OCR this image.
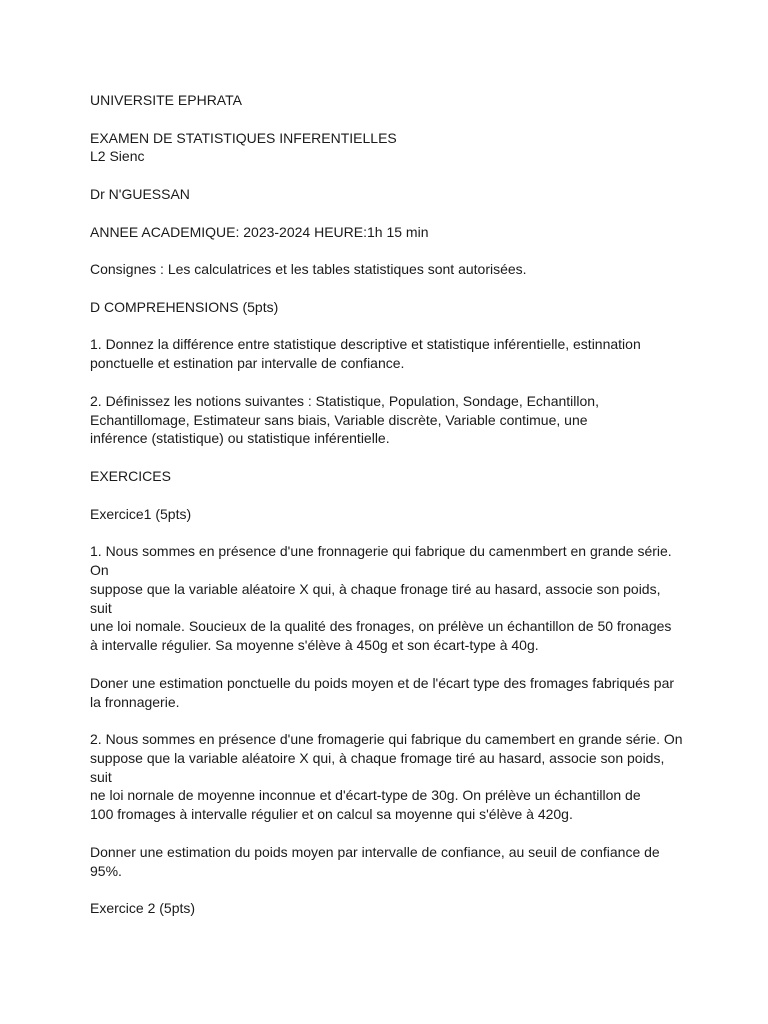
UNIVERSITE EPHRATA
EXAMEN DE STATISTIQUES INFERENTIELLES
L2 Sienc
Dr N'GUESSAN
ANNEE ACADEMIQUE: 2023-2024 HEURE:1h 15 min
Consignes : Les calculatrices et les tables statistiques sont autorisées.
D COMPREHENSIONS (5pts)
1. Donnez la différence entre statistique descriptive et statistique inférentielle, estinnation
ponctuelle et estination par intervalle de confiance.
2. Définissez les notions suivantes : Statistique, Population, Sondage, Echantillon,
Echantillomage, Estimateur sans biais, Variable discrète, Variable contimue, une
inférence (statistique) ou statistique inférentielle.
EXERCICES
Exercice1 (5pts)
1. Nous sommes en présence d'une fronnagerie qui fabrique du camenmbert en grande série.
On
suppose que la variable aléatoire X qui, à chaque fronage tiré au hasard, associe son poids,
suit
une loi nomale. Soucieux de la qualité des fronages, on prélève un échantillon de 50 fronages
à intervalle régulier. Sa moyenne s'élève à 450g et son écart-type à 40g.
Doner une estimation ponctuelle du poids moyen et de l'écart type des fromages fabriqués par
la fronnagerie.
2. Nous sommes en présence d'une fromagerie qui fabrique du camembert en grande série. On
suppose que la variable aléatoire X qui, à chaque fromage tiré au hasard, associe son poids,
suit
ne loi nornale de moyenne inconnue et d'écart-type de 30g. On prélève un échantillon de
100 fromages à intervalle régulier et on calcul sa moyenne qui s'élève à 420g.
Donner une estimation du poids moyen par intervalle de confiance, au seuil de confiance de
95%.
Exercice 2 (5pts)
